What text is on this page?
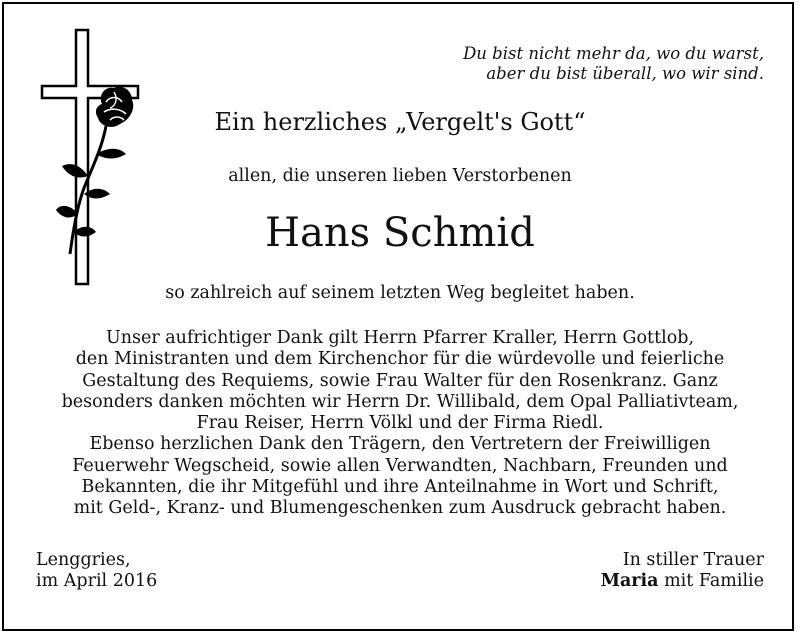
Du bist nicht mehr da, wo du warst,
aber du bist überall, wo wir sind.
Ein herzliches „Vergelt's Gott“
allen, die unseren lieben Verstorbenen
Hans Schmid
so zahlreich auf seinem letzten Weg begleitet haben.

Unser aufrichtiger Dank gilt Herrn Pfarrer Kraller, Herrn Gottlob,
den Ministranten und dem Kirchenchor für die würdevolle und feierliche
Gestaltung des Requiems, sowie Frau Walter für den Rosenkranz. Ganz
besonders danken möchten wir Herrn Dr. Willibald, dem Opal Palliativteam,
Frau Reiser, Herrn Völkl und der Firma Riedl.
Ebenso herzlichen Dank den Trägern, den Vertretern der Freiwilligen
Feuerwehr Wegscheid, sowie allen Verwandten, Nachbarn, Freunden und
Bekannten, die ihr Mitgefühl und ihre Anteilnahme in Wort und Schrift,
mit Geld-, Kranz- und Blumengeschenken zum Ausdruck gebracht haben.

Lenggries,
im April 2016
In stiller Trauer
Maria mit Familie
